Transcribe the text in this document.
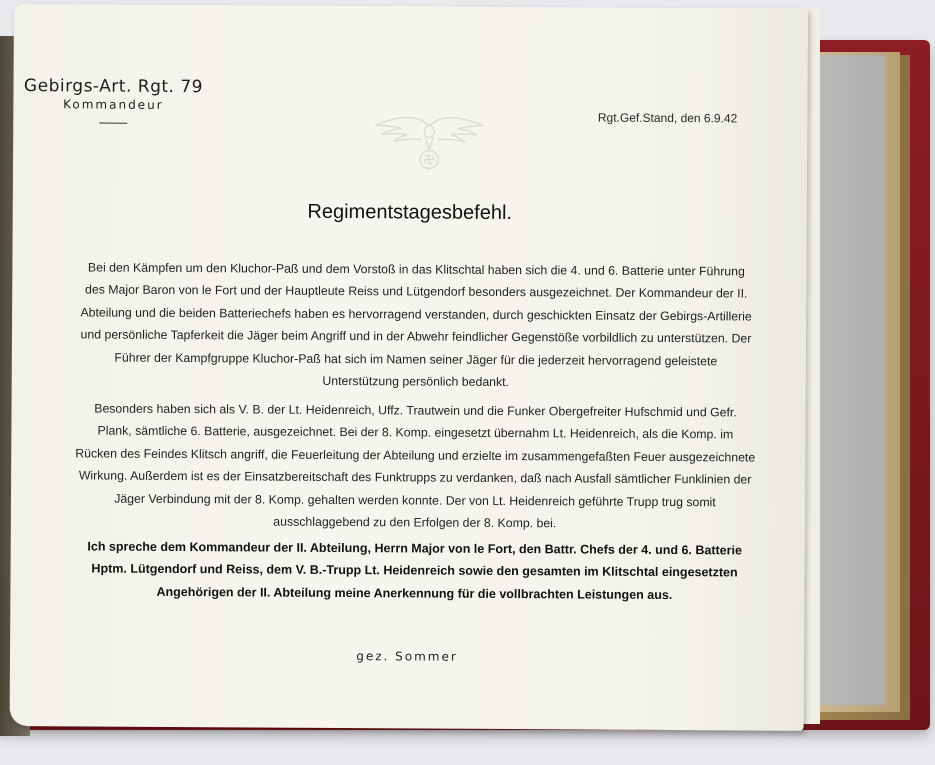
Gebirgs-Art. Rgt. 79
Kommandeur
Rgt.Gef.Stand, den 6.9.42
Regimentstagesbefehl.

Bei den Kämpfen um den Kluchor-Paß und dem Vorstoß in das Klitschtal haben sich die 4. und 6. Batterie unter Führung des Major Baron von le Fort und der Hauptleute Reiss und Lütgendorf besonders ausgezeichnet. Der Kommandeur der II. Abteilung und die beiden Batteriechefs haben es hervorragend verstanden, durch geschickten Einsatz der Gebirgs-Artillerie und persönliche Tapferkeit die Jäger beim Angriff und in der Abwehr feindlicher Gegenstöße vorbildlich zu unterstützen. Der Führer der Kampfgruppe Kluchor-Paß hat sich im Namen seiner Jäger für die jederzeit hervorragend geleistete Unterstützung persönlich bedankt.

Besonders haben sich als V. B. der Lt. Heidenreich, Uffz. Trautwein und die Funker Obergefreiter Hufschmid und Gefr. Plank, sämtliche 6. Batterie, ausgezeichnet. Bei der 8. Komp. eingesetzt übernahm Lt. Heidenreich, als die Komp. im Rücken des Feindes Klitsch angriff, die Feuerleitung der Abteilung und erzielte im zusammengefaßten Feuer ausgezeichnete Wirkung. Außerdem ist es der Einsatzbereitschaft des Funktrupps zu verdanken, daß nach Ausfall sämtlicher Funklinien der Jäger Verbindung mit der 8. Komp. gehalten werden konnte. Der von Lt. Heidenreich geführte Trupp trug somit ausschlaggebend zu den Erfolgen der 8. Komp. bei.

Ich spreche dem Kommandeur der II. Abteilung, Herrn Major von le Fort, den Battr. Chefs der 4. und 6. Batterie Hptm. Lütgendorf und Reiss, dem V. B.-Trupp Lt. Heidenreich sowie den gesamten im Klitschtal eingesetzten Angehörigen der II. Abteilung meine Anerkennung für die vollbrachten Leistungen aus.

gez. Sommer
